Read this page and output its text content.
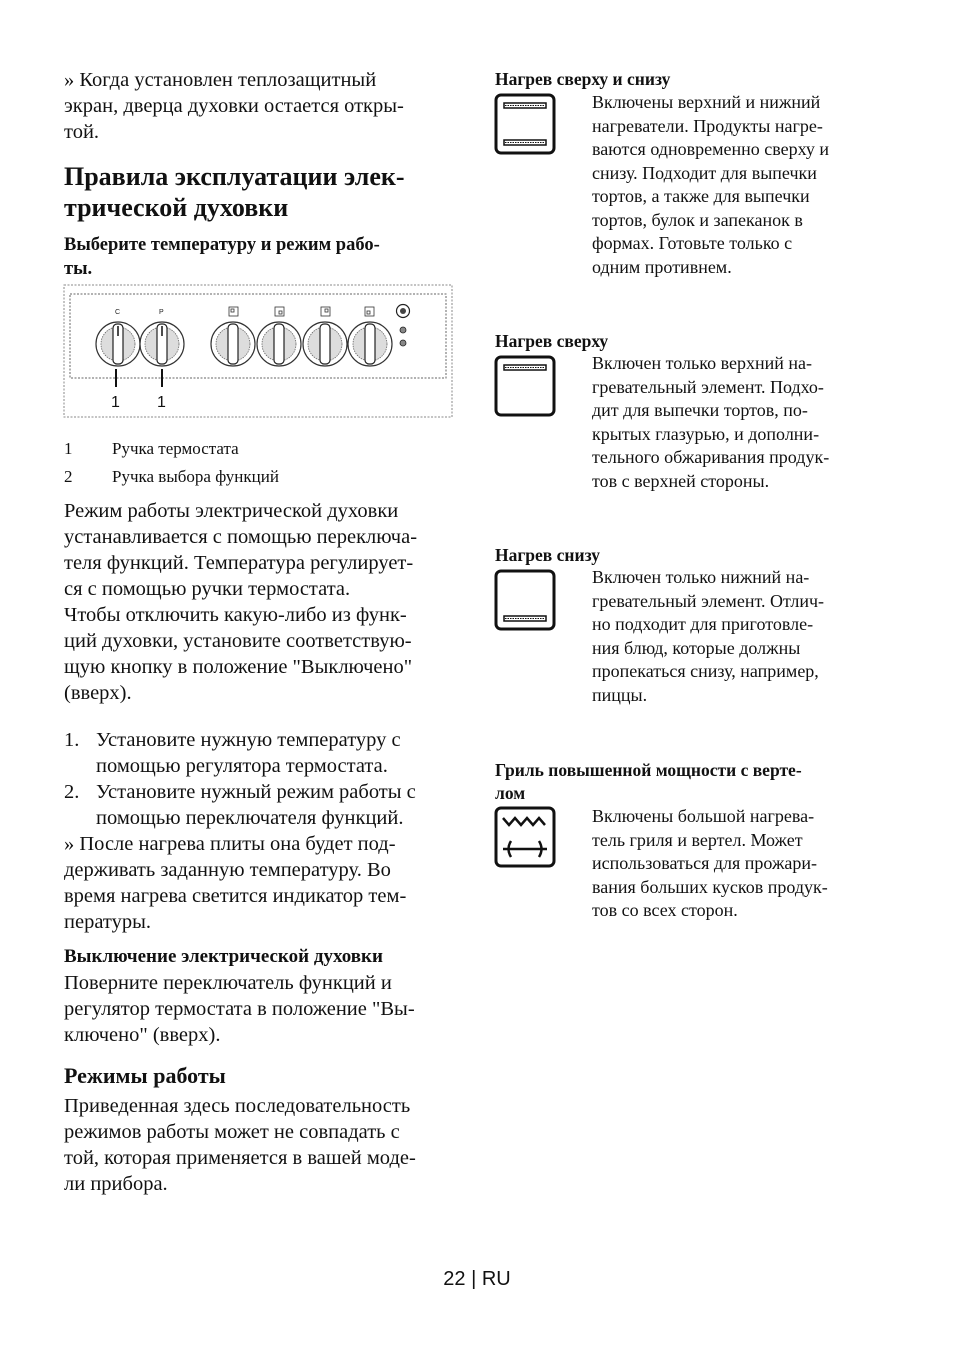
» Когда установлен теплозащитный
экран, дверца духовки остается откры-
той.
Правила эксплуатации элек-
трической духовки
Выберите температуру и режим рабо-
ты.
C	P
1 1
1 Ручка термостата
2 Ручка выбора функций
Режим работы электрической духовки
устанавливается с помощью переключа-
теля функций. Температура регулирует-
ся с помощью ручки термостата.
Чтобы отключить какую-либо из функ-
ций духовки, установите соответствую-
щую кнопку в положение "Выключено"
(вверх).
1. Установите нужную температуру с
помощью регулятора термостата.
2. Установите нужный режим работы с
помощью переключателя функций.
» После нагрева плиты она будет под-
держивать заданную температуру. Во
время нагрева светится индикатор тем-
пературы.
Выключение электрической духовки
Поверните переключатель функций и
регулятор термостата в положение "Вы-
ключено" (вверх).
Режимы работы
Приведенная здесь последовательность
режимов работы может не совпадать с
той, которая применяется в вашей моде-
ли прибора.
Нагрев сверху и снизу
Включены верхний и нижний
нагреватели. Продукты нагре-
ваются одновременно сверху и
снизу. Подходит для выпечки
тортов, а также для выпечки
тортов, булок и запеканок в
формах. Готовьте только с
одним противнем.
Нагрев сверху
Включен только верхний на-
гревательный элемент. Подхо-
дит для выпечки тортов, по-
крытых глазурью, и дополни-
тельного обжаривания продук-
тов с верхней стороны.
Нагрев снизу
Включен только нижний на-
гревательный элемент. Отлич-
но подходит для приготовле-
ния блюд, которые должны
пропекаться снизу, например,
пиццы.
Гриль повышенной мощности с верте-
лом
Включены большой нагрева-
тель гриля и вертел. Может
использоваться для прожари-
вания больших кусков продук-
тов со всех сторон.
22 | RU
